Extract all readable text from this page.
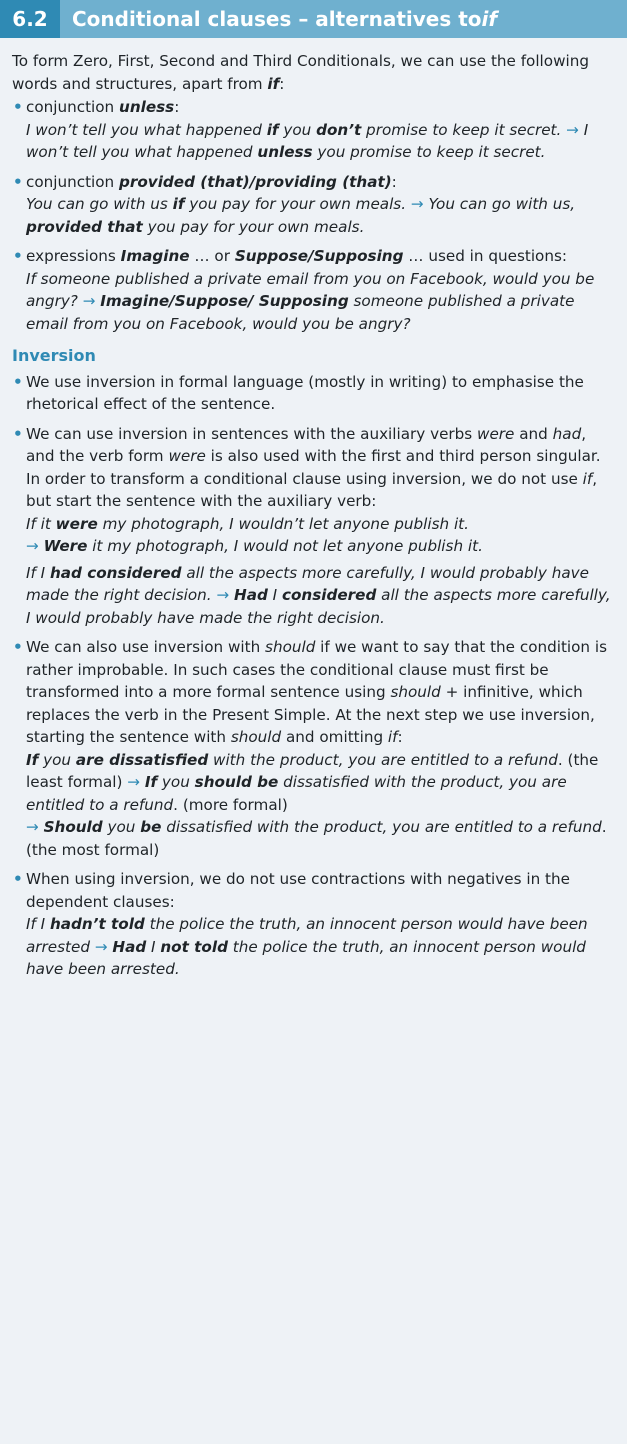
6.2	Conditional clauses – alternatives to if

To form Zero, First, Second and Third Conditionals, we can use the following words and structures, apart from if:

• conjunction unless:

I won’t tell you what happened if you don’t promise to keep it secret. → I won’t tell you what happened unless you promise to keep it secret.

• conjunction provided (that)/providing (that):

You can go with us if you pay for your own meals. → You can go with us, provided that you pay for your own meals.

• expressions Imagine … or Suppose/Supposing … used in questions:

If someone published a private email from you on Facebook, would you be angry? → Imagine/Suppose/ Supposing someone published a private email from you on Facebook, would you be angry?

Inversion

• We use inversion in formal language (mostly in writing) to emphasise the rhetorical effect of the sentence.

• We can use inversion in sentences with the auxiliary verbs were and had, and the verb form were is also used with the first and third person singular. In order to transform a conditional clause using inversion, we do not use if, but start the sentence with the auxiliary verb:

If it were my photograph, I wouldn’t let anyone publish it.
→ Were it my photograph, I would not let anyone publish it.

If I had considered all the aspects more carefully, I would probably have made the right decision. → Had I considered all the aspects more carefully, I would probably have made the right decision.

• We can also use inversion with should if we want to say that the condition is rather improbable. In such cases the conditional clause must first be transformed into a more formal sentence using should + infinitive, which replaces the verb in the Present Simple. At the next step we use inversion, starting the sentence with should and omitting if:

If you are dissatisfied with the product, you are entitled to a refund. (the least formal) → If you should be dissatisfied with the product, you are entitled to a refund. (more formal)
→ Should you be dissatisfied with the product, you are entitled to a refund. (the most formal)

• When using inversion, we do not use contractions with negatives in the dependent clauses:

If I hadn’t told the police the truth, an innocent person would have been arrested → Had I not told the police the truth, an innocent person would have been arrested.
